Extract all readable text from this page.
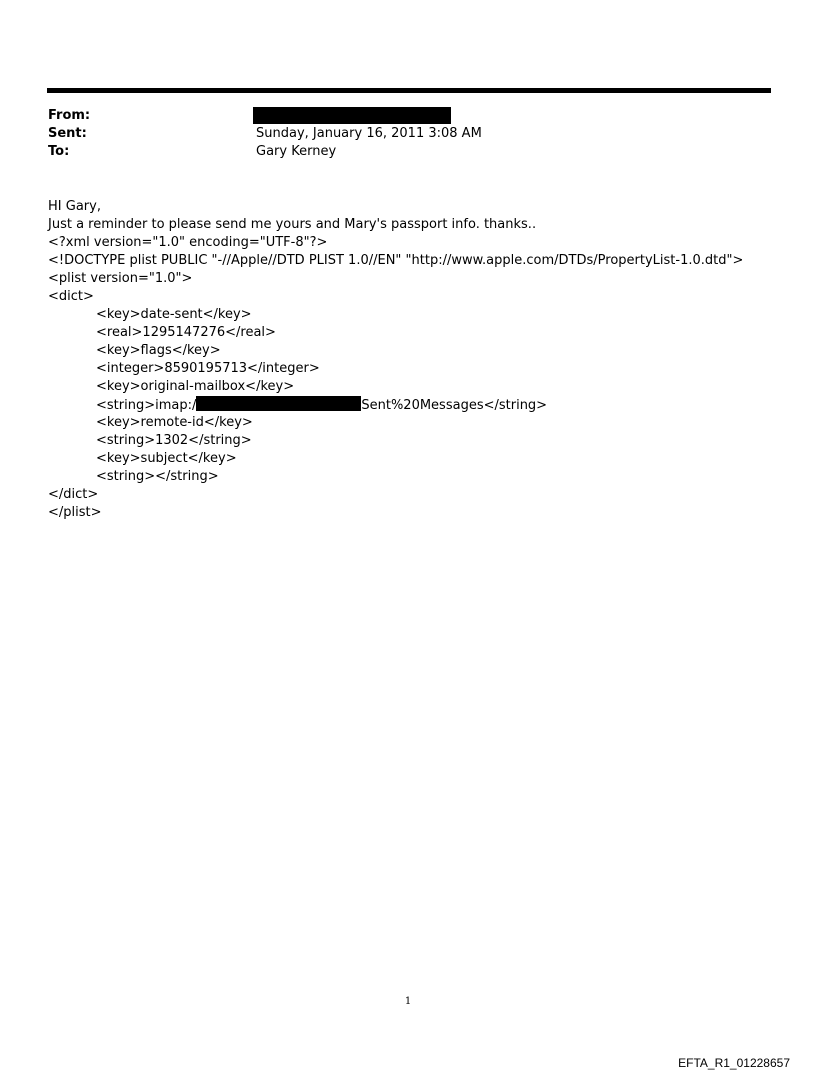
From:
Sent:	Sunday, January 16, 2011 3:08 AM
To:	Gary Kerney
HI Gary,
Just a reminder to please send me yours and Mary's passport info. thanks..
<?xml version="1.0" encoding="UTF-8"?>
<!DOCTYPE plist PUBLIC "-//Apple//DTD PLIST 1.0//EN" "http://www.apple.com/DTDs/PropertyList-1.0.dtd">
<plist version="1.0">
<dict>
<key>date-sent</key>
<real>1295147276</real>
<key>flags</key>
<integer>8590195713</integer>
<key>original-mailbox</key>
<string>imap:/	Sent%20Messages</string>
<key>remote-id</key>
<string>1302</string>
<key>subject</key>
<string></string>
</dict>
</plist>
1
EFTA_R1_01228657
